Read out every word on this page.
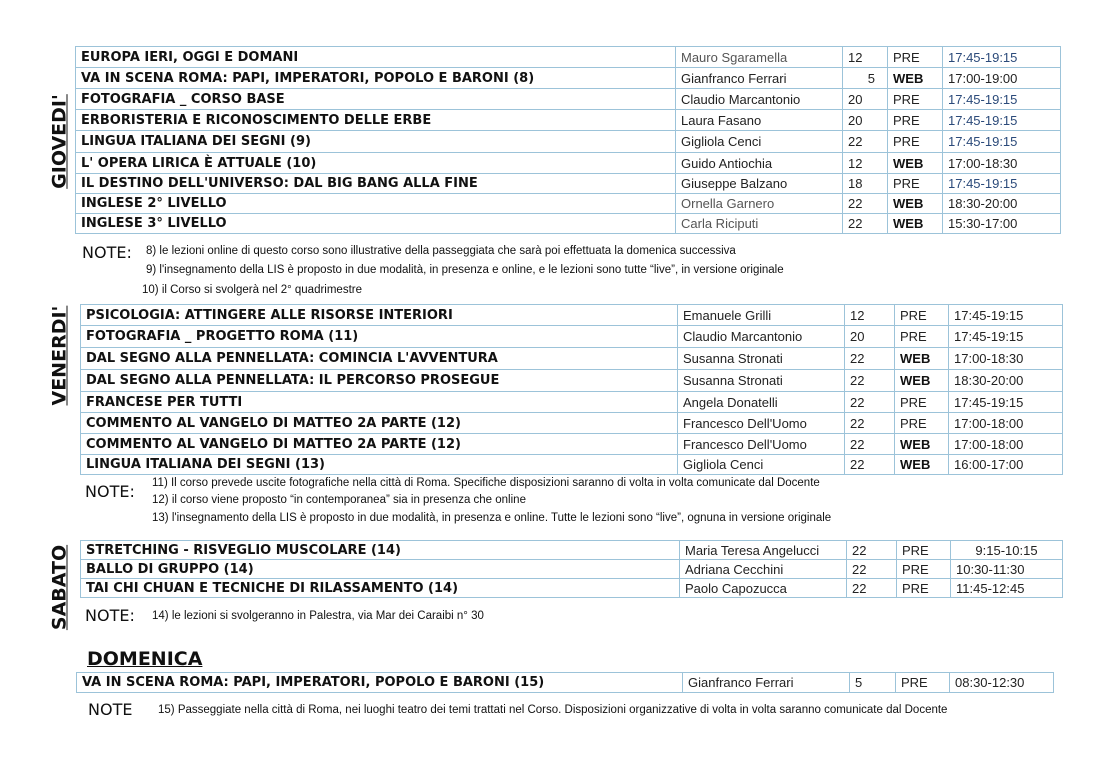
GIOVEDI'
EUROPA IERI, OGGI E DOMANI	Mauro Sgaramella	12	PRE	17:45-19:15
VA IN SCENA ROMA: PAPI, IMPERATORI, POPOLO E BARONI (8)	Gianfranco Ferrari	5	WEB	17:00-19:00
FOTOGRAFIA _ CORSO BASE	Claudio Marcantonio	20	PRE	17:45-19:15
ERBORISTERIA E RICONOSCIMENTO DELLE ERBE	Laura Fasano	20	PRE	17:45-19:15
LINGUA ITALIANA DEI SEGNI (9)	Gigliola Cenci	22	PRE	17:45-19:15
L' OPERA LIRICA È ATTUALE (10)	Guido Antiochia	12	WEB	17:00-18:30
IL DESTINO DELL'UNIVERSO: DAL BIG BANG ALLA FINE	Giuseppe Balzano	18	PRE	17:45-19:15
INGLESE 2° LIVELLO	Ornella Garnero	22	WEB	18:30-20:00
INGLESE 3° LIVELLO	Carla Riciputi	22	WEB	15:30-17:00
NOTE: 8) le lezioni online di questo corso sono illustrative della passeggiata che sarà poi effettuata la domenica successiva
9) l'insegnamento della LIS è proposto in due modalità, in presenza e online, e le lezioni sono tutte “live”, in versione originale
10) il Corso si svolgerà nel 2° quadrimestre
VENERDI' PSICOLOGIA: ATTINGERE ALLE RISORSE INTERIORI	Emanuele Grilli	12	PRE	17:45-19:15
FOTOGRAFIA _ PROGETTO ROMA (11)	Claudio Marcantonio	20	PRE	17:45-19:15
DAL SEGNO ALLA PENNELLATA: COMINCIA L'AVVENTURA	Susanna Stronati	22	WEB	17:00-18:30
DAL SEGNO ALLA PENNELLATA: IL PERCORSO PROSEGUE	Susanna Stronati	22	WEB	18:30-20:00
FRANCESE PER TUTTI	Angela Donatelli	22	PRE	17:45-19:15
COMMENTO AL VANGELO DI MATTEO 2A PARTE (12)	Francesco Dell'Uomo	22	PRE	17:00-18:00
COMMENTO AL VANGELO DI MATTEO 2A PARTE (12)	Francesco Dell'Uomo	22	WEB	17:00-18:00
LINGUA ITALIANA DEI SEGNI (13)	Gigliola Cenci	22	WEB	16:00-17:00
NOTE: 11) Il corso prevede uscite fotografiche nella città di Roma. Specifiche disposizioni saranno di volta in volta comunicate dal Docente
12) il corso viene proposto “in contemporanea” sia in presenza che online
13) l'insegnamento della LIS è proposto in due modalità, in presenza e online. Tutte le lezioni sono “live”, ognuna in versione originale
SABATO STRETCHING - RISVEGLIO MUSCOLARE (14)	Maria Teresa Angelucci	22	PRE	9:15-10:15
BALLO DI GRUPPO (14)	Adriana Cecchini	22	PRE	10:30-11:30
TAI CHI CHUAN E TECNICHE DI RILASSAMENTO (14)	Paolo Capozucca	22	PRE	11:45-12:45
NOTE: 14) le lezioni si svolgeranno in Palestra, via Mar dei Caraibi n° 30
DOMENICA
VA IN SCENA ROMA: PAPI, IMPERATORI, POPOLO E BARONI (15)	Gianfranco Ferrari	5	PRE	08:30-12:30
NOTE 15) Passeggiate nella città di Roma, nei luoghi teatro dei temi trattati nel Corso. Disposizioni organizzative di volta in volta saranno comunicate dal Docente
